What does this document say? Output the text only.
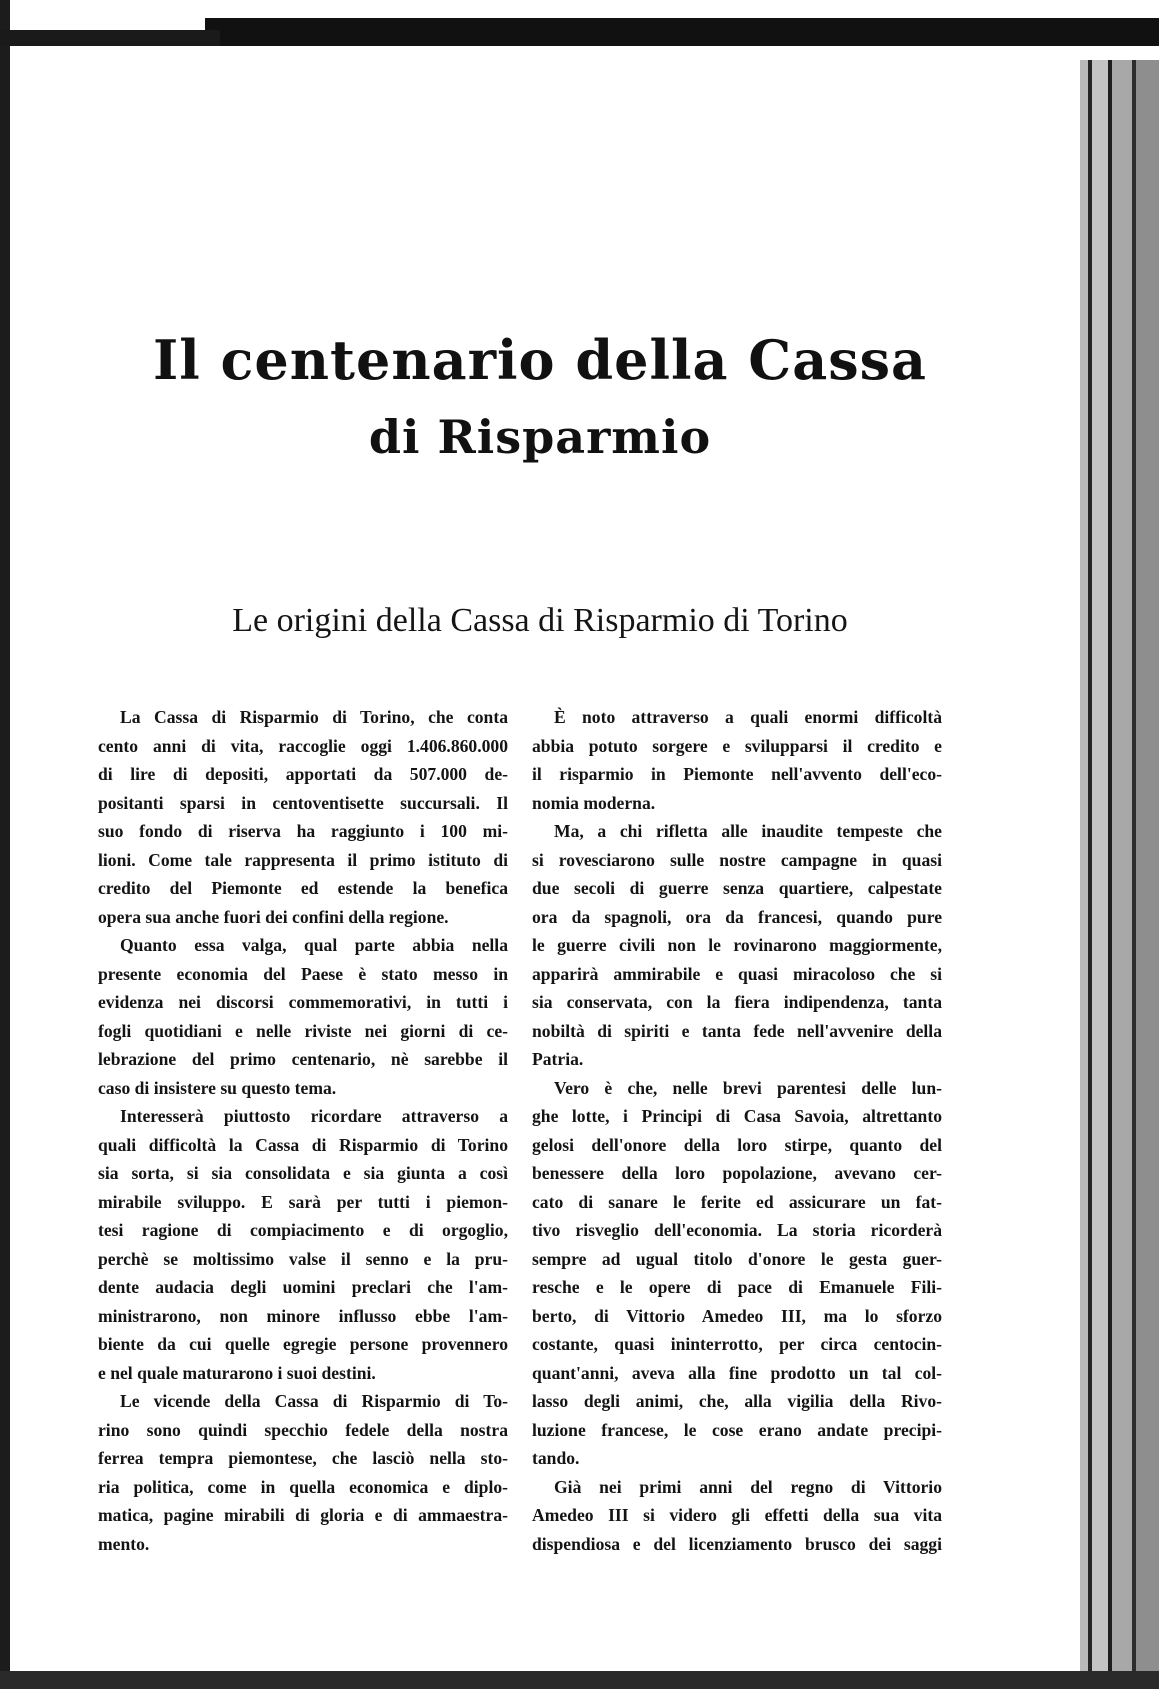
Il centenario della Cassa
di Risparmio
Le origini della Cassa di Risparmio di Torino
La Cassa di Risparmio di Torino, che conta
cento anni di vita, raccoglie oggi 1.406.860.000
di lire di depositi, apportati da 507.000 de-
positanti sparsi in centoventisette succursali. Il
suo fondo di riserva ha raggiunto i 100 mi-
lioni. Come tale rappresenta il primo istituto di
credito del Piemonte ed estende la benefica
opera sua anche fuori dei confini della regione.
Quanto essa valga, qual parte abbia nella
presente economia del Paese è stato messo in
evidenza nei discorsi commemorativi, in tutti i
fogli quotidiani e nelle riviste nei giorni di ce-
lebrazione del primo centenario, nè sarebbe il
caso di insistere su questo tema.
Interesserà piuttosto ricordare attraverso a
quali difficoltà la Cassa di Risparmio di Torino
sia sorta, si sia consolidata e sia giunta a così
mirabile sviluppo. E sarà per tutti i piemon-
tesi ragione di compiacimento e di orgoglio,
perchè se moltissimo valse il senno e la pru-
dente audacia degli uomini preclari che l'am-
ministrarono, non minore influsso ebbe l'am-
biente da cui quelle egregie persone provennero
e nel quale maturarono i suoi destini.
Le vicende della Cassa di Risparmio di To-
rino sono quindi specchio fedele della nostra
ferrea tempra piemontese, che lasciò nella sto-
ria politica, come in quella economica e diplo-
matica, pagine mirabili di gloria e di ammaestra-
mento.
È noto attraverso a quali enormi difficoltà
abbia potuto sorgere e svilupparsi il credito e
il risparmio in Piemonte nell'avvento dell'eco-
nomia moderna.
Ma, a chi rifletta alle inaudite tempeste che
si rovesciarono sulle nostre campagne in quasi
due secoli di guerre senza quartiere, calpestate
ora da spagnoli, ora da francesi, quando pure
le guerre civili non le rovinarono maggiormente,
apparirà ammirabile e quasi miracoloso che si
sia conservata, con la fiera indipendenza, tanta
nobiltà di spiriti e tanta fede nell'avvenire della
Patria.
Vero è che, nelle brevi parentesi delle lun-
ghe lotte, i Principi di Casa Savoia, altrettanto
gelosi dell'onore della loro stirpe, quanto del
benessere della loro popolazione, avevano cer-
cato di sanare le ferite ed assicurare un fat-
tivo risveglio dell'economia. La storia ricorderà
sempre ad ugual titolo d'onore le gesta guer-
resche e le opere di pace di Emanuele Fili-
berto, di Vittorio Amedeo III, ma lo sforzo
costante, quasi ininterrotto, per circa centocin-
quant'anni, aveva alla fine prodotto un tal col-
lasso degli animi, che, alla vigilia della Rivo-
luzione francese, le cose erano andate precipi-
tando.
Già nei primi anni del regno di Vittorio
Amedeo III si videro gli effetti della sua vita
dispendiosa e del licenziamento brusco dei saggi
